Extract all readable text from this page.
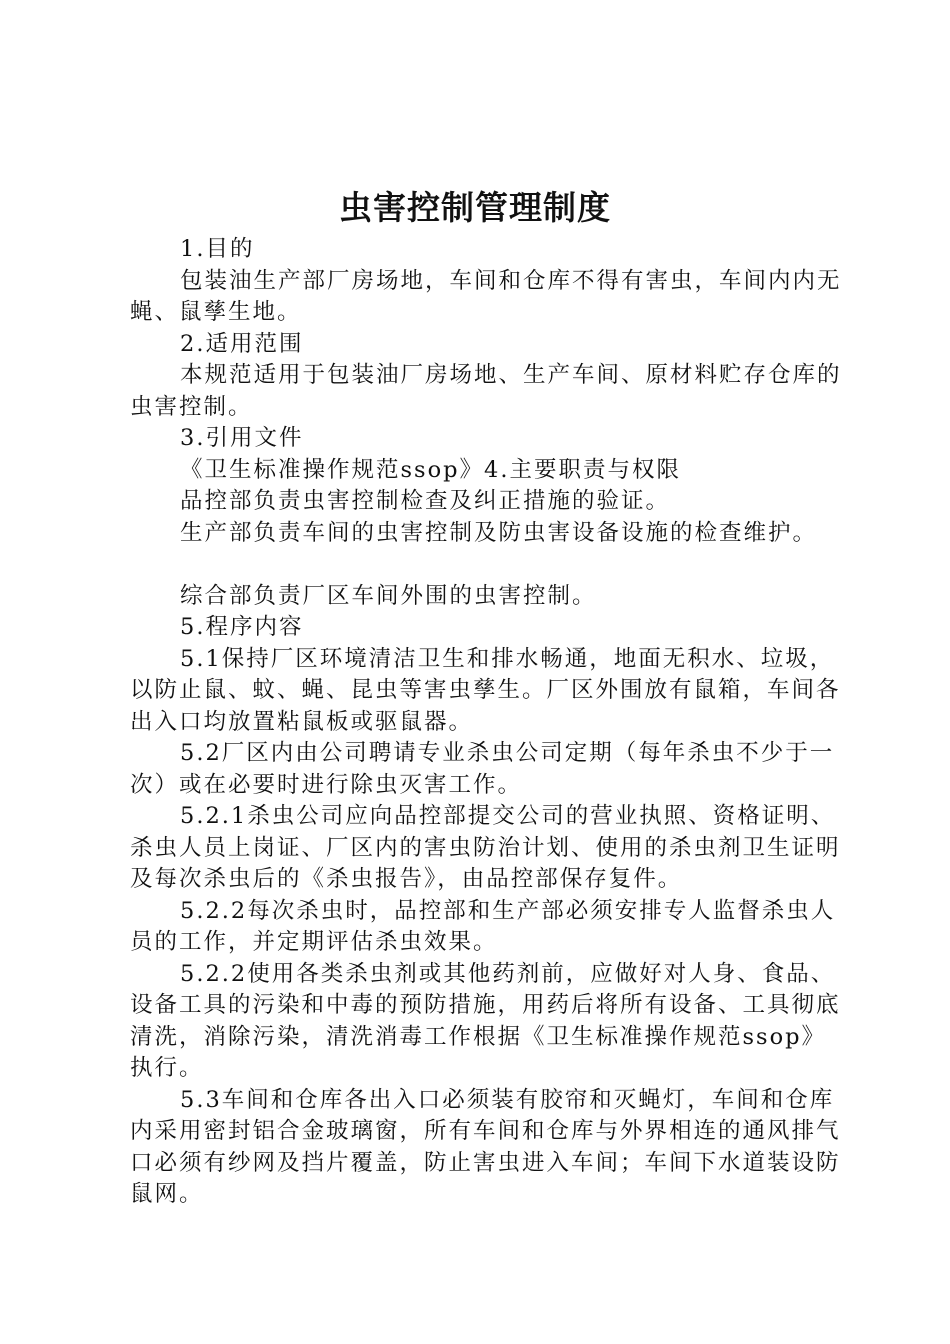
虫害控制管理制度

1.目的

包装油生产部厂房场地，车间和仓库不得有害虫，车间内内无蝇、鼠孳生地。

2.适用范围

本规范适用于包装油厂房场地、生产车间、原材料贮存仓库的虫害控制。

3.引用文件

《卫生标准操作规范ssop》4.主要职责与权限

品控部负责虫害控制检查及纠正措施的验证。

生产部负责车间的虫害控制及防虫害设备设施的检查维护。

综合部负责厂区车间外围的虫害控制。

5.程序内容

5.1保持厂区环境清洁卫生和排水畅通，地面无积水、垃圾，以防止鼠、蚊、蝇、昆虫等害虫孳生。厂区外围放有鼠箱，车间各出入口均放置粘鼠板或驱鼠器。

5.2厂区内由公司聘请专业杀虫公司定期（每年杀虫不少于一次）或在必要时进行除虫灭害工作。

5.2.1杀虫公司应向品控部提交公司的营业执照、资格证明、杀虫人员上岗证、厂区内的害虫防治计划、使用的杀虫剂卫生证明及每次杀虫后的《杀虫报告》，由品控部保存复件。

5.2.2每次杀虫时，品控部和生产部必须安排专人监督杀虫人员的工作，并定期评估杀虫效果。

5.2.2使用各类杀虫剂或其他药剂前，应做好对人身、食品、设备工具的污染和中毒的预防措施，用药后将所有设备、工具彻底清洗，消除污染，清洗消毒工作根据《卫生标准操作规范ssop》执行。

5.3车间和仓库各出入口必须装有胶帘和灭蝇灯，车间和仓库内采用密封铝合金玻璃窗，所有车间和仓库与外界相连的通风排气口必须有纱网及挡片覆盖，防止害虫进入车间；车间下水道装设防鼠网。
